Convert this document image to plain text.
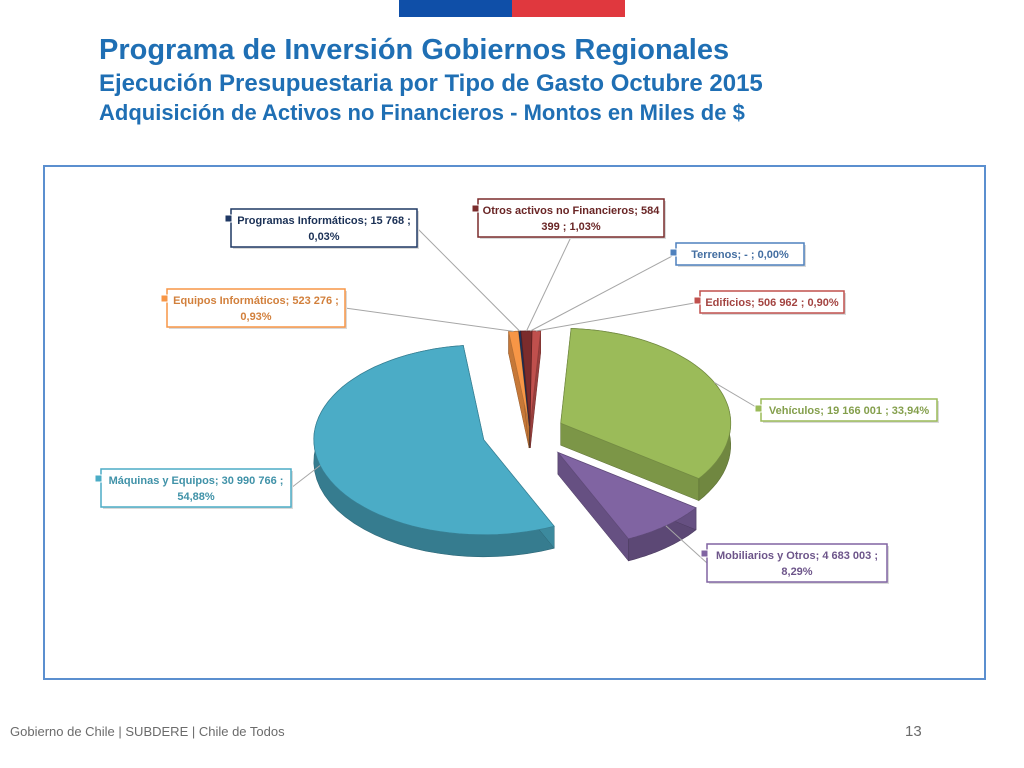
Programa de Inversión Gobiernos Regionales
Ejecución Presupuestaria por Tipo de Gasto Octubre 2015
Adquisición de Activos no Financieros - Montos en Miles de $
Terrenos; - ; 0,00%
Edificios; 506 962 ; 0,90%
Vehículos; 19 166 001 ; 33,94%
Mobiliarios y Otros; 4 683 003 ;
8,29%
Máquinas y Equipos; 30 990 766 ;
54,88%
Equipos Informáticos; 523 276 ;
0,93%
Programas Informáticos; 15 768 ;
0,03%
Otros activos no Financieros; 584
399 ; 1,03%
Gobierno de Chile | SUBDERE | Chile de Todos	13
